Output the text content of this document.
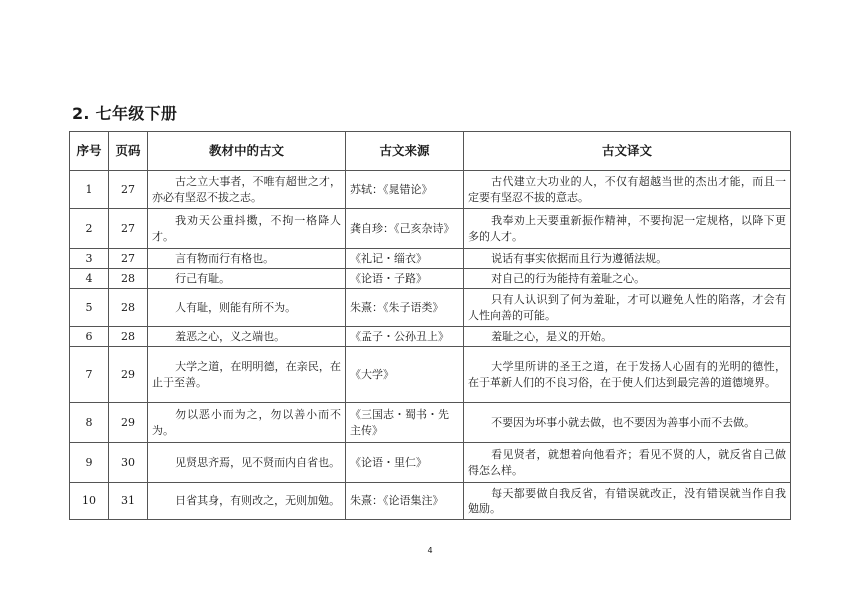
2. 七年级下册
序号	页码	教材中的古文	古文来源	古文译文
1	27	古之立大事者，不唯有超世之才，亦必有坚忍不拔之志。	苏轼：《晁错论》	古代建立大功业的人，不仅有超越当世的杰出才能，而且一定要有坚忍不拔的意志。
2	27	我劝天公重抖擞，不拘一格降人才。	龚自珍：《己亥杂诗》	我奉劝上天要重新振作精神，不要拘泥一定规格，以降下更多的人才。
3	27	言有物而行有格也。	《礼记・缁衣》	说话有事实依据而且行为遵循法规。
4	28	行己有耻。	《论语・子路》	对自己的行为能持有羞耻之心。
5	28	人有耻，则能有所不为。	朱熹：《朱子语类》	只有人认识到了何为羞耻，才可以避免人性的陷落，才会有人性向善的可能。
6	28	羞恶之心，义之端也。	《孟子・公孙丑上》	羞耻之心，是义的开始。
7	29	大学之道，在明明德，在亲民，在止于至善。	《大学》	大学里所讲的圣王之道，在于发扬人心固有的光明的德性，在于革新人们的不良习俗，在于使人们达到最完善的道德境界。
8	29	勿以恶小而为之，勿以善小而不为。	《三国志・蜀书・先主传》	不要因为坏事小就去做，也不要因为善事小而不去做。
9	30	见贤思齐焉，见不贤而内自省也。	《论语・里仁》	看见贤者，就想着向他看齐；看见不贤的人，就反省自己做得怎么样。
10	31	日省其身，有则改之，无则加勉。	朱熹：《论语集注》	每天都要做自我反省，有错误就改正，没有错误就当作自我勉励。
4
